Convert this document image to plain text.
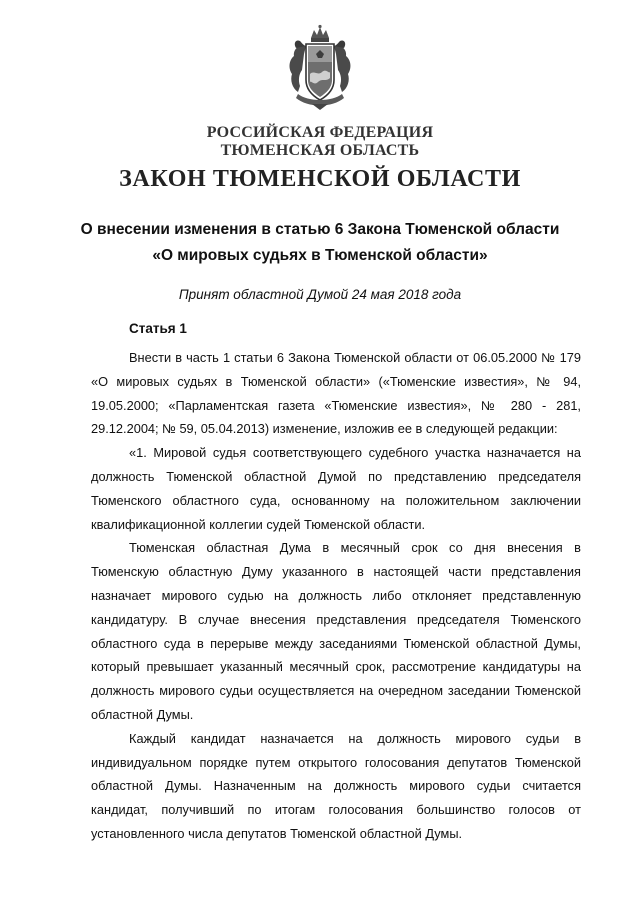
РОССИЙСКАЯ ФЕДЕРАЦИЯ
ТЮМЕНСКАЯ ОБЛАСТЬ
ЗАКОН ТЮМЕНСКОЙ ОБЛАСТИ
О внесении изменения в статью 6 Закона Тюменской области
«О мировых судьях в Тюменской области»
Принят областной Думой 24 мая 2018 года
Статья 1

Внести в часть 1 статьи 6 Закона Тюменской области от 06.05.2000 № 179 «О мировых судьях в Тюменской области» («Тюменские известия», № 94, 19.05.2000; «Парламентская газета «Тюменские известия», № 280 - 281, 29.12.2004; № 59, 05.04.2013) изменение, изложив ее в следующей редакции:

«1. Мировой судья соответствующего судебного участка назначается на должность Тюменской областной Думой по представлению председателя Тюменского областного суда, основанному на положительном заключении квалификационной коллегии судей Тюменской области.

Тюменская областная Дума в месячный срок со дня внесения в Тюменскую областную Думу указанного в настоящей части представления назначает мирового судью на должность либо отклоняет представленную кандидатуру. В случае внесения представления председателя Тюменского областного суда в перерыве между заседаниями Тюменской областной Думы, который превышает указанный месячный срок, рассмотрение кандидатуры на должность мирового судьи осуществляется на очередном заседании Тюменской областной Думы.

Каждый кандидат назначается на должность мирового судьи в индивидуальном порядке путем открытого голосования депутатов Тюменской областной Думы. Назначенным на должность мирового судьи считается кандидат, получивший по итогам голосования большинство голосов от установленного числа депутатов Тюменской областной Думы.
